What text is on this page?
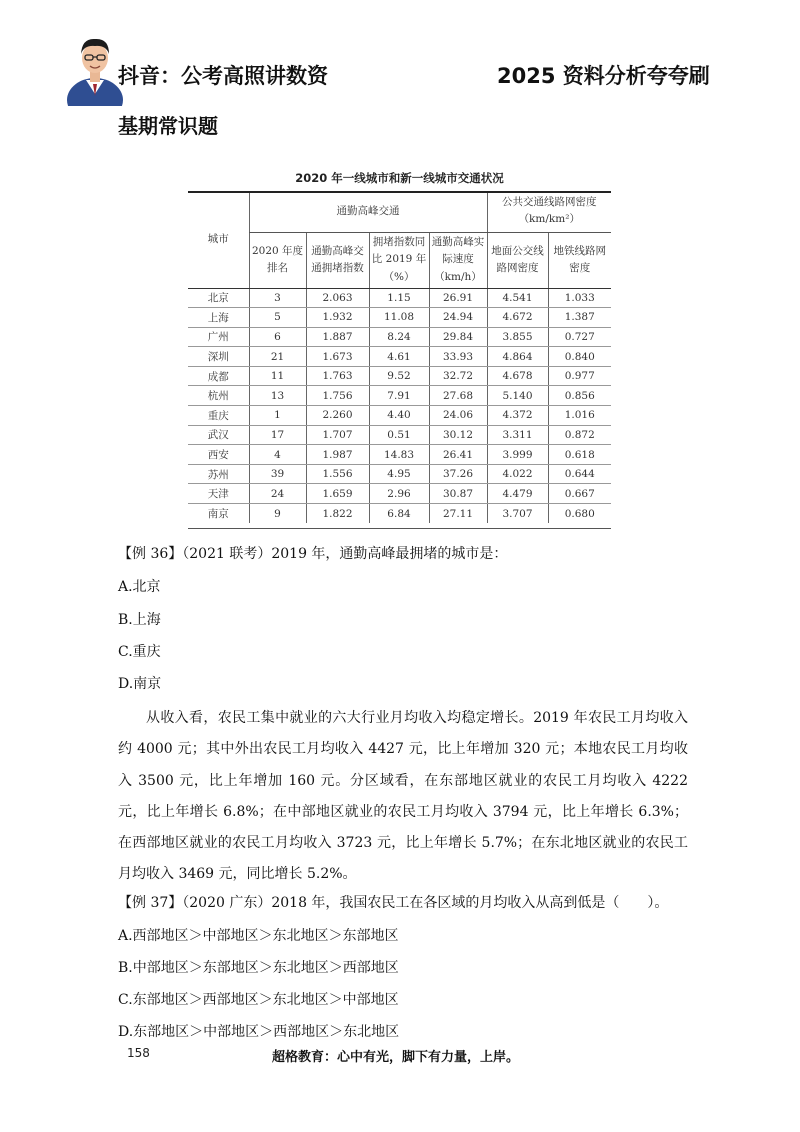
抖音：公考高照讲数资	2025 资料分析夸夸刷
基期常识题
2020 年一线城市和新一线城市交通状况
城市	通勤高峰交通				公共交通线路网密度（km/km²）	
	2020 年度排名	通勤高峰交通拥堵指数	拥堵指数同比 2019 年（%）	通勤高峰实际速度（km/h）	地面公交线路网密度	地铁线路网密度
北京	3	2.063	1.15	26.91	4.541	1.033
上海	5	1.932	11.08	24.94	4.672	1.387
广州	6	1.887	8.24	29.84	3.855	0.727
深圳	21	1.673	4.61	33.93	4.864	0.840
成都	11	1.763	9.52	32.72	4.678	0.977
杭州	13	1.756	7.91	27.68	5.140	0.856
重庆	1	2.260	4.40	24.06	4.372	1.016
武汉	17	1.707	0.51	30.12	3.311	0.872
西安	4	1.987	14.83	26.41	3.999	0.618
苏州	39	1.556	4.95	37.26	4.022	0.644
天津	24	1.659	2.96	30.87	4.479	0.667
南京	9	1.822	6.84	27.11	3.707	0.680
【例 36】（2021 联考）2019 年，通勤高峰最拥堵的城市是：
A.北京
B.上海
C.重庆
D.南京
从收入看，农民工集中就业的六大行业月均收入均稳定增长。2019 年农民工月均收入约 4000 元；其中外出农民工月均收入 4427 元，比上年增加 320 元；本地农民工月均收入 3500 元，比上年增加 160 元。分区域看，在东部地区就业的农民工月均收入 4222 元，比上年增长 6.8%；在中部地区就业的农民工月均收入 3794 元，比上年增长 6.3%；在西部地区就业的农民工月均收入 3723 元，比上年增长 5.7%；在东北地区就业的农民工月均收入 3469 元，同比增长 5.2%。
【例 37】（2020 广东）2018 年，我国农民工在各区域的月均收入从高到低是（　　）。
A.西部地区＞中部地区＞东北地区＞东部地区
B.中部地区＞东部地区＞东北地区＞西部地区
C.东部地区＞西部地区＞东北地区＞中部地区
D.东部地区＞中部地区＞西部地区＞东北地区
158	超格教育：心中有光，脚下有力量，上岸。
